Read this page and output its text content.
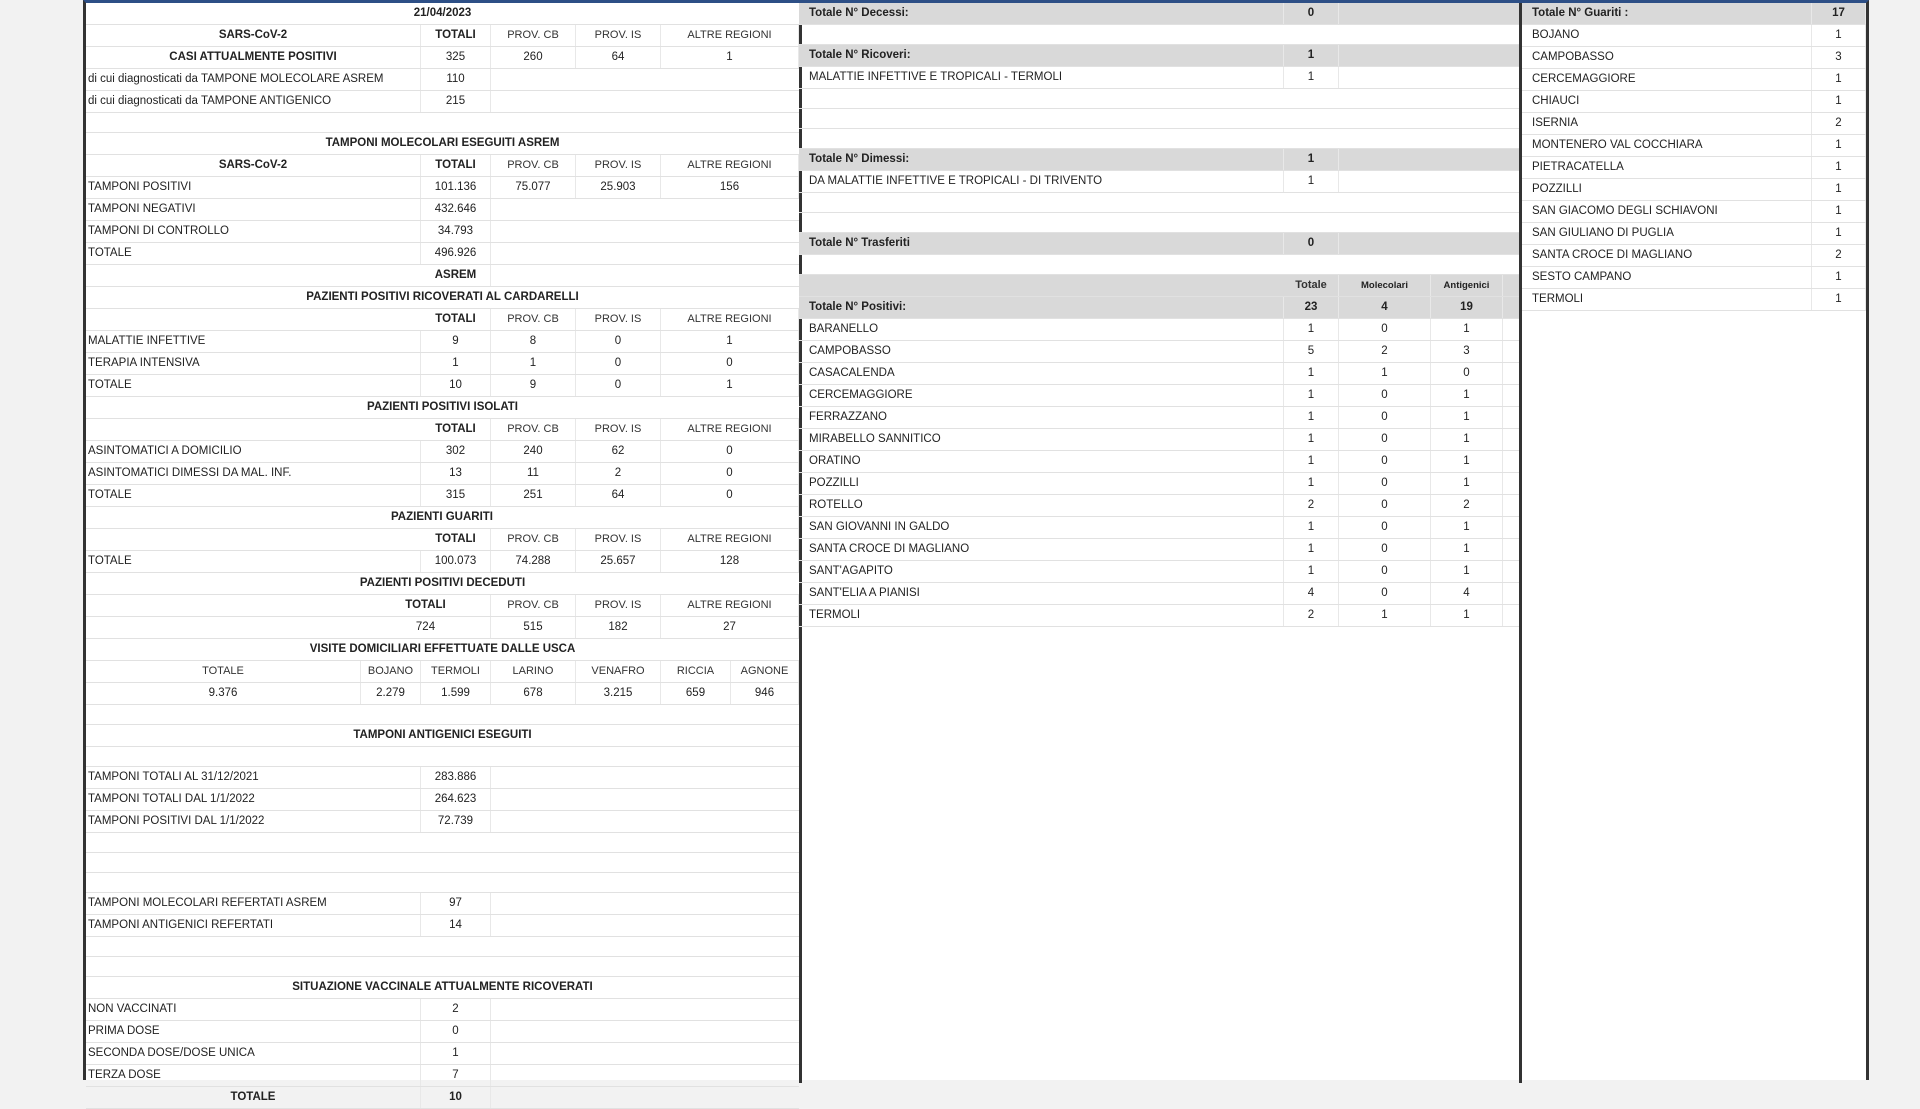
21/04/2023
SARS-CoV-2	TOTALI	PROV. CB	PROV. IS	ALTRE REGIONI
CASI ATTUALMENTE POSITIVI	325	260	64	1
di cui diagnosticati da TAMPONE MOLECOLARE ASREM	110
di cui diagnosticati da TAMPONE ANTIGENICO	215
TAMPONI MOLECOLARI ESEGUITI ASREM
SARS-CoV-2	TOTALI	PROV. CB	PROV. IS	ALTRE REGIONI
TAMPONI POSITIVI	101.136	75.077	25.903	156
TAMPONI NEGATIVI	432.646
TAMPONI DI CONTROLLO	34.793
TOTALE	496.926
ASREM
PAZIENTI POSITIVI RICOVERATI AL CARDARELLI
TOTALI	PROV. CB	PROV. IS	ALTRE REGIONI
MALATTIE INFETTIVE	9	8	0	1
TERAPIA INTENSIVA	1	1	0	0
TOTALE	10	9	0	1
PAZIENTI POSITIVI ISOLATI
TOTALI	PROV. CB	PROV. IS	ALTRE REGIONI
ASINTOMATICI A DOMICILIO	302	240	62	0
ASINTOMATICI DIMESSI DA MAL. INF.	13	11	2	0
TOTALE	315	251	64	0
PAZIENTI GUARITI
TOTALI	PROV. CB	PROV. IS	ALTRE REGIONI
TOTALE	100.073	74.288	25.657	128
PAZIENTI POSITIVI DECEDUTI
TOTALI	PROV. CB	PROV. IS	ALTRE REGIONI
724	515	182	27
VISITE DOMICILIARI EFFETTUATE DALLE USCA
TOTALE	BOJANO	TERMOLI	LARINO	VENAFRO	RICCIA	AGNONE
9.376	2.279	1.599	678	3.215	659	946
TAMPONI ANTIGENICI ESEGUITI
TAMPONI TOTALI AL 31/12/2021	283.886
TAMPONI TOTALI DAL 1/1/2022	264.623
TAMPONI POSITIVI DAL 1/1/2022	72.739
TAMPONI MOLECOLARI REFERTATI ASREM	97
TAMPONI ANTIGENICI REFERTATI	14
SITUAZIONE VACCINALE ATTUALMENTE RICOVERATI
NON VACCINATI	2
PRIMA DOSE	0
SECONDA DOSE/DOSE UNICA	1
TERZA DOSE	7
TOTALE	10
Totale N° Decessi:	0
Totale N° Ricoveri:	1
MALATTIE INFETTIVE E TROPICALI - TERMOLI	1
Totale N° Dimessi:	1
DA MALATTIE INFETTIVE E TROPICALI - DI TRIVENTO	1
Totale N° Trasferiti	0
Totale	Molecolari	Antigenici
Totale N° Positivi:	23	4	19
BARANELLO	1	0	1
CAMPOBASSO	5	2	3
CASACALENDA	1	1	0
CERCEMAGGIORE	1	0	1
FERRAZZANO	1	0	1
MIRABELLO SANNITICO	1	0	1
ORATINO	1	0	1
POZZILLI	1	0	1
ROTELLO	2	0	2
SAN GIOVANNI IN GALDO	1	0	1
SANTA CROCE DI MAGLIANO	1	0	1
SANT'AGAPITO	1	0	1
SANT'ELIA A PIANISI	4	0	4
TERMOLI	2	1	1
Totale N° Guariti :	17
BOJANO	1
CAMPOBASSO	3
CERCEMAGGIORE	1
CHIAUCI	1
ISERNIA	2
MONTENERO VAL COCCHIARA	1
PIETRACATELLA	1
POZZILLI	1
SAN GIACOMO DEGLI SCHIAVONI	1
SAN GIULIANO DI PUGLIA	1
SANTA CROCE DI MAGLIANO	2
SESTO CAMPANO	1
TERMOLI	1
